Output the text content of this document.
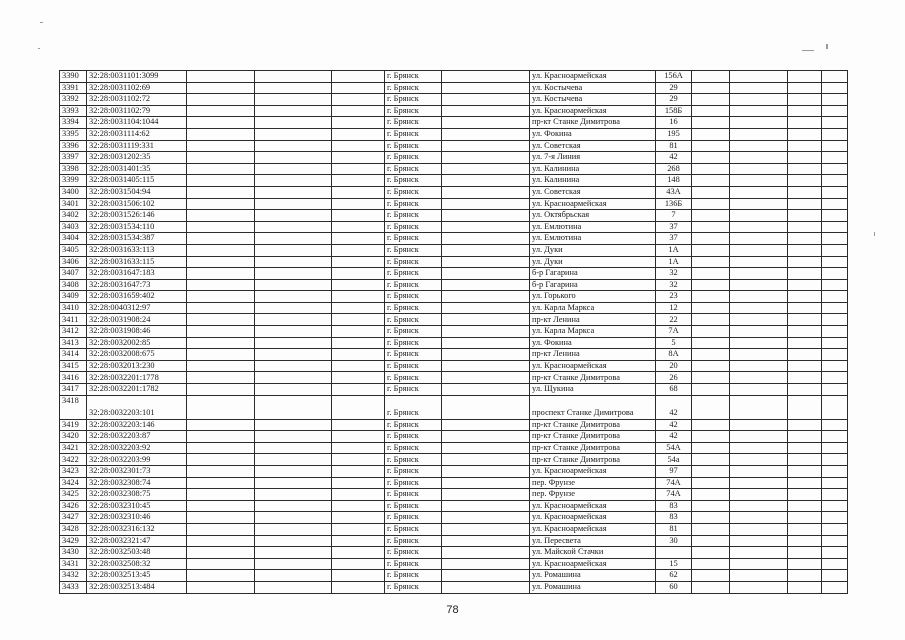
3390	32:28:0031101:3099				г. Брянск		ул. Красноармейская	156А				
3391	32:28:0031102:69				г. Брянск		ул. Костычева	29				
3392	32:28:0031102:72				г. Брянск		ул. Костычева	29				
3393	32:28:0031102:79				г. Брянск		ул. Красноармейская	158Б				
3394	32:28:0031104:1044				г. Брянск		пр-кт Станке Димитрова	16				
3395	32:28:0031114:62				г. Брянск		ул. Фокина	195				
3396	32:28:0031119:331				г. Брянск		ул. Советская	81				
3397	32:28:0031202:35				г. Брянск		ул. 7-я Линия	42				
3398	32:28:0031401:35				г. Брянск		ул. Калинина	268				
3399	32:28:0031405:115				г. Брянск		ул. Калинина	148				
3400	32:28:0031504:94				г. Брянск		ул. Советская	43А				
3401	32:28:0031506:102				г. Брянск		ул. Красноармейская	136Б				
3402	32:28:0031526:146				г. Брянск		ул. Октябрьская	7				
3403	32:28:0031534:110				г. Брянск		ул. Емлютина	37				
3404	32:28:0031534:387				г. Брянск		ул. Емлютина	37				
3405	32:28:0031633:113				г. Брянск		ул. Дуки	1А				
3406	32:28:0031633:115				г. Брянск		ул. Дуки	1А				
3407	32:28:0031647:183				г. Брянск		б-р Гагарина	32				
3408	32:28:0031647:73				г. Брянск		б-р Гагарина	32				
3409	32:28:0031659:402				г. Брянск		ул. Горького	23				
3410	32:28:0040312:97				г. Брянск		ул. Карла Маркса	12				
3411	32:28:0031908:24				г. Брянск		пр-кт Ленина	22				
3412	32:28:0031908:46				г. Брянск		ул. Карла Маркса	7А				
3413	32:28:0032002:85				г. Брянск		ул. Фокина	5				
3414	32:28:0032008:675				г. Брянск		пр-кт Ленина	8А				
3415	32:28:0032013:230				г. Брянск		ул. Красноармейская	20				
3416	32:28:0032201:1778				г. Брянск		пр-кт Станке Димитрова	26				
3417	32:28:0032201:1782				г. Брянск		ул. Щукина	68				
3418	32:28:0032203:101				г. Брянск		проспект Станке Димитрова	42				
3419	32:28:0032203:146				г. Брянск		пр-кт Станке Димитрова	42				
3420	32:28:0032203:87				г. Брянск		пр-кт Станке Димитрова	42				
3421	32:28:0032203:92				г. Брянск		пр-кт Станке Димитрова	54А				
3422	32:28:0032203:99				г. Брянск		пр-кт Станке Димитрова	54а				
3423	32:28:0032301:73				г. Брянск		ул. Красноармейская	97				
3424	32:28:0032308:74				г. Брянск		пер. Фрунзе	74А				
3425	32:28:0032308:75				г. Брянск		пер. Фрунзе	74А				
3426	32:28:0032310:45				г. Брянск		ул. Красноармейская	83				
3427	32:28:0032310:46				г. Брянск		ул. Красноармейская	83				
3428	32:28:0032316:132				г. Брянск		ул. Красноармейская	81				
3429	32:28:0032321:47				г. Брянск		ул. Пересвета	30				
3430	32:28:0032503:48				г. Брянск		ул. Майской Стачки					
3431	32:28:0032508:32				г. Брянск		ул. Красноармейская	15				
3432	32:28:0032513:45				г. Брянск		ул. Ромашина	62				
3433	32:28:0032513:484				г. Брянск		ул. Ромашина	60				
78
